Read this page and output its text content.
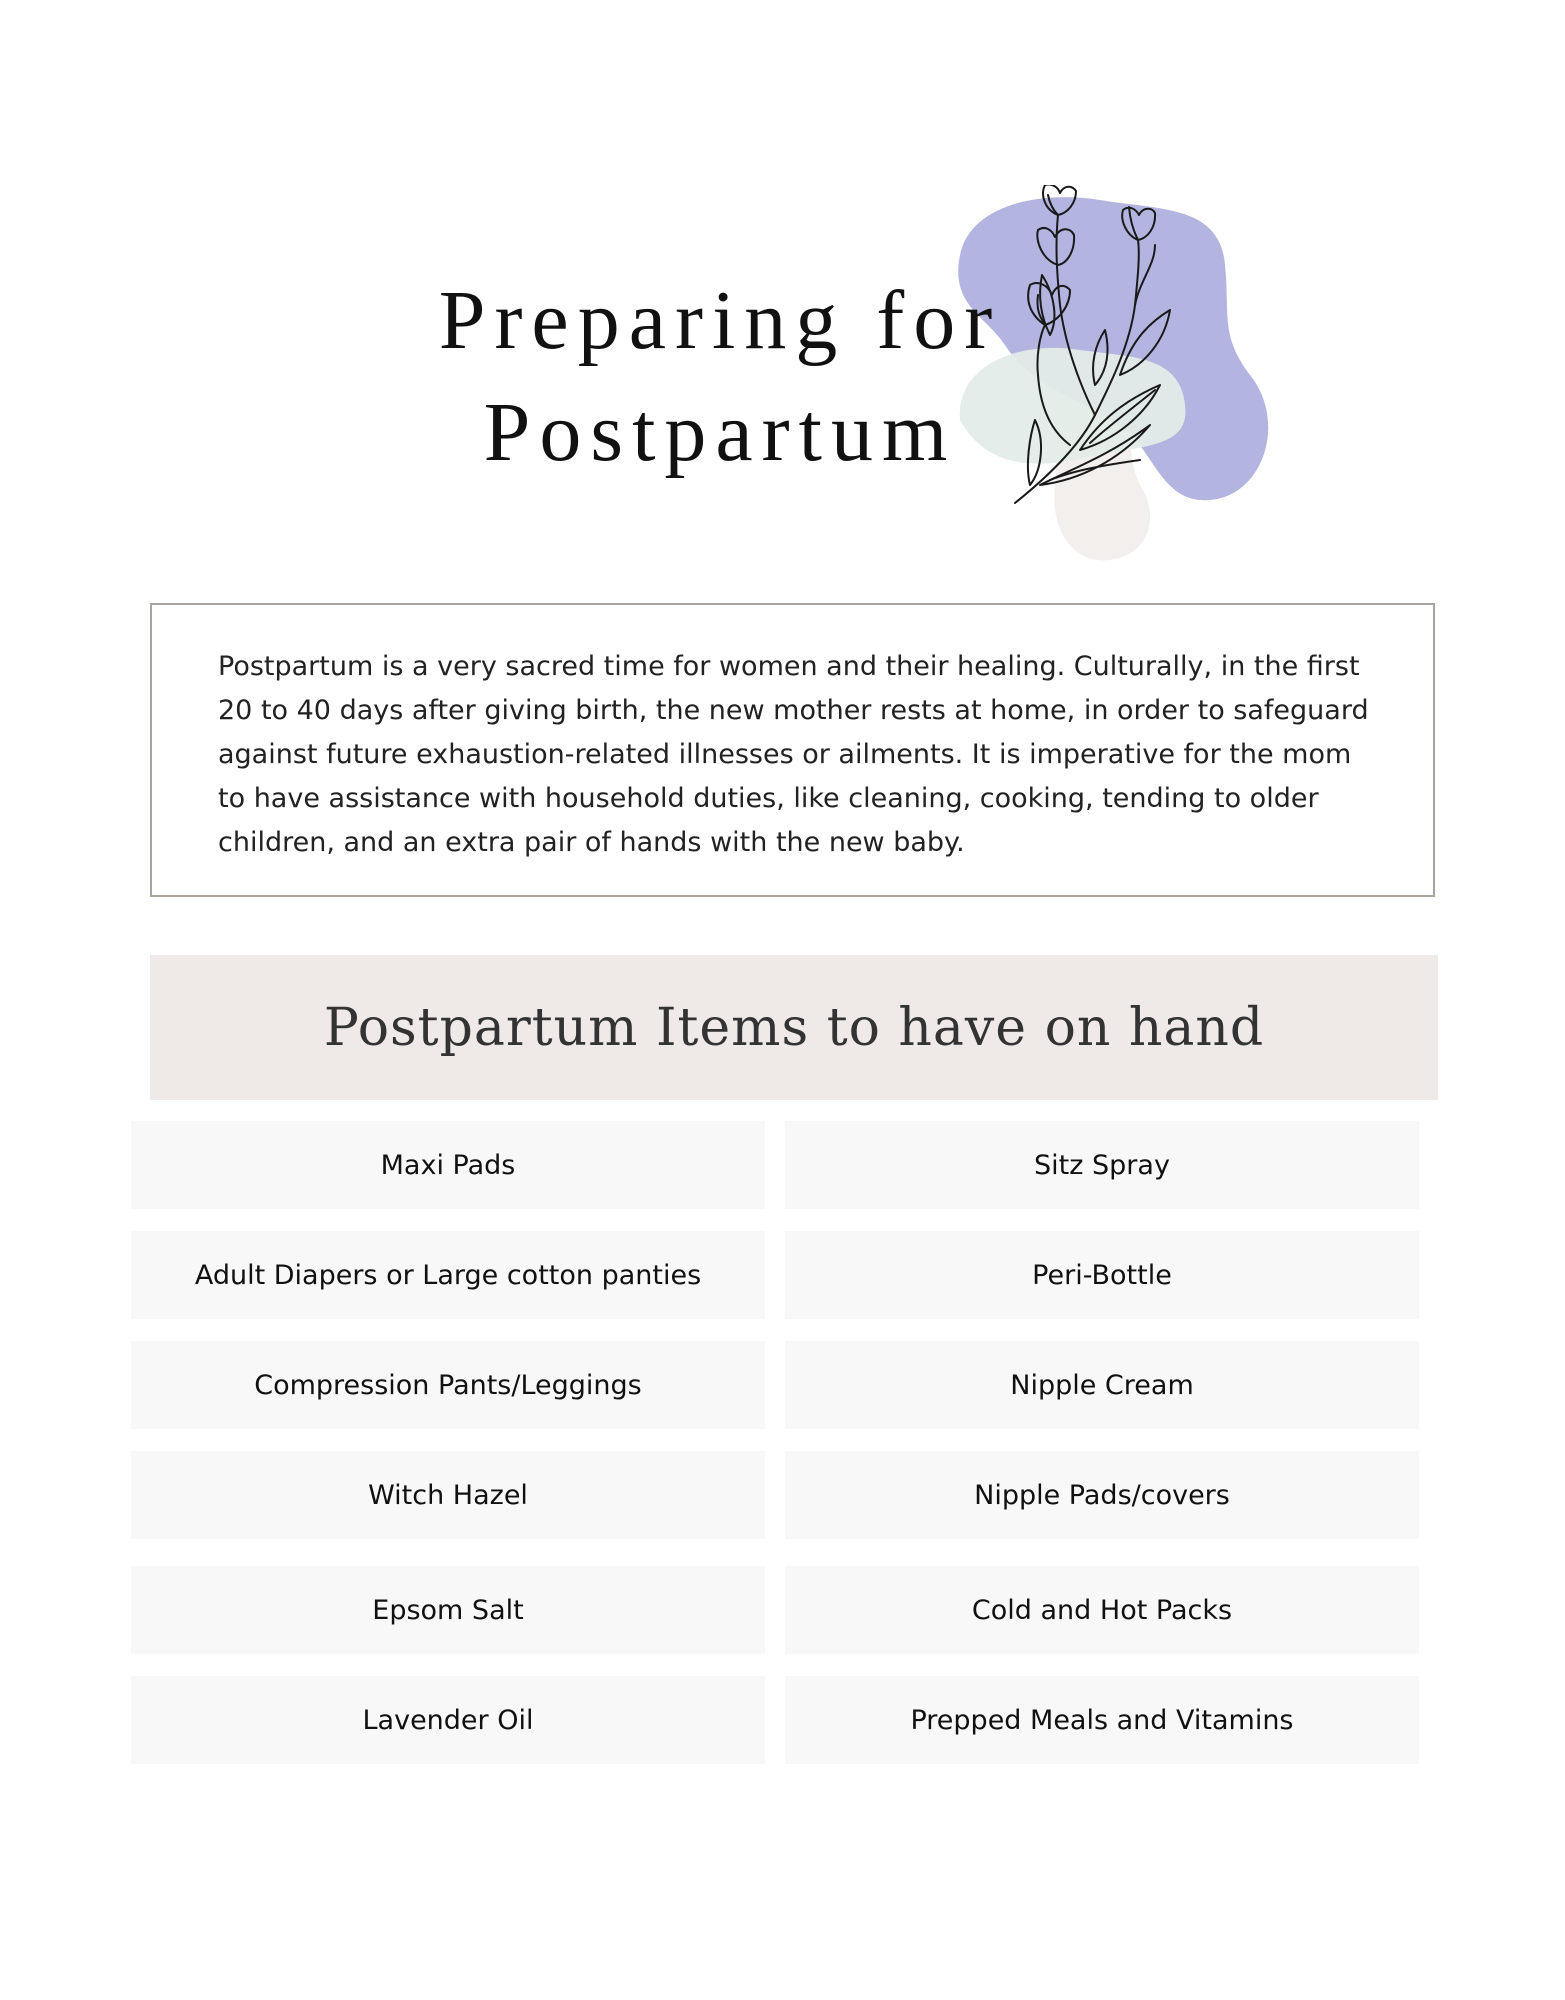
Preparing for
Postpartum

Postpartum is a very sacred time for women and their healing. Culturally, in the first 20 to 40 days after giving birth, the new mother rests at home, in order to safeguard against future exhaustion-related illnesses or ailments. It is imperative for the mom to have assistance with household duties, like cleaning, cooking, tending to older children, and an extra pair of hands with the new baby.

Postpartum Items to have on hand
Maxi Pads
Adult Diapers or Large cotton panties
Compression Pants/Leggings
Witch Hazel
Epsom Salt
Lavender Oil
Sitz Spray
Peri-Bottle
Nipple Cream
Nipple Pads/covers
Cold and Hot Packs
Prepped Meals and Vitamins
